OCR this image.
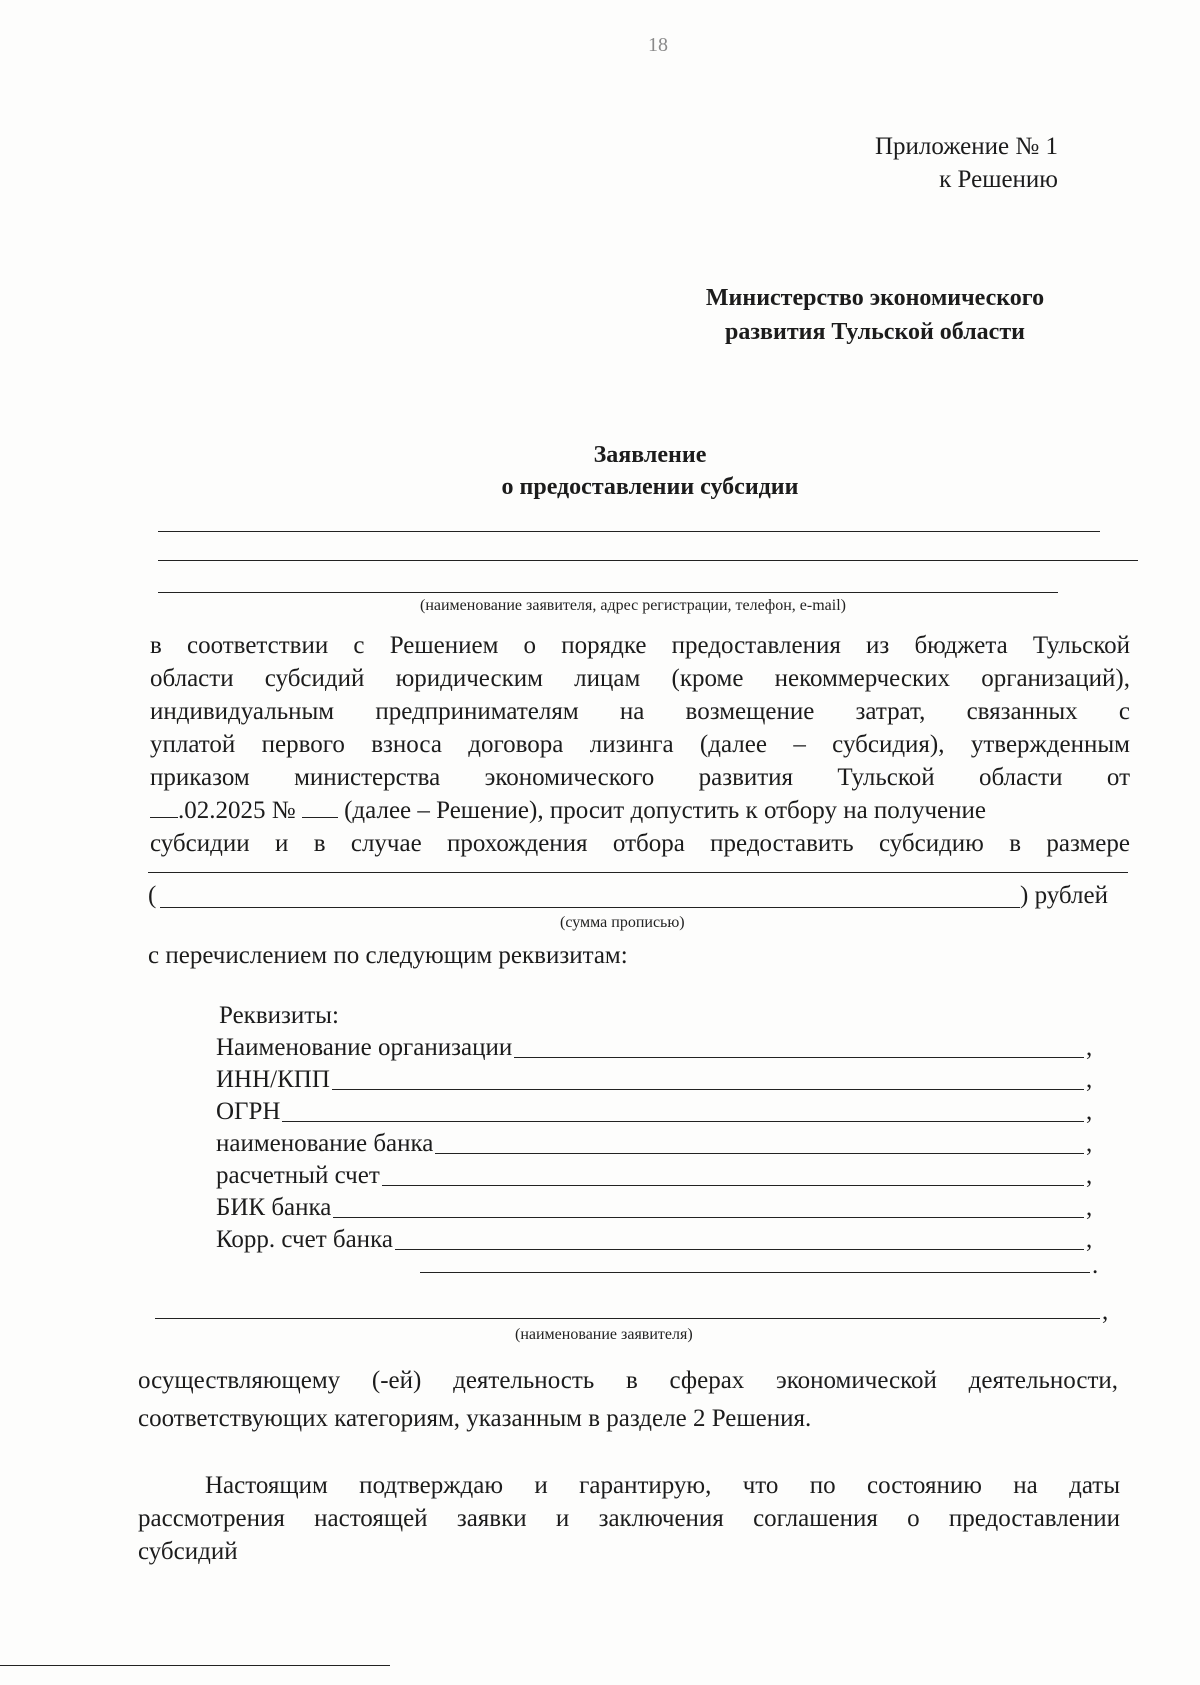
18
Приложение № 1
к Решению
Министерство экономического
развития Тульской области
Заявление
о предоставлении субсидии
(наименование заявителя, адрес регистрации, телефон, e-mail)
в соответствии с Решением о порядке предоставления из бюджета Тульской
области субсидий юридическим лицам (кроме некоммерческих организаций),
индивидуальным предпринимателям на возмещение затрат, связанных с
уплатой первого взноса договора лизинга (далее – субсидия), утвержденным
приказом министерства экономического развития Тульской области от
.02.2025 № (далее – Решение), просит допустить к отбору на получение
субсидии и в случае прохождения отбора предоставить субсидию в размере
(	) рублей
(сумма прописью)
с перечислением по следующим реквизитам:
Реквизиты:
Наименование организации	,
ИНН/КПП	,
ОГРН	,
наименование банка	,
расчетный счет	,
БИК банка	,
Корр. счет банка	,
.
,
(наименование заявителя)
осуществляющему (-ей) деятельность в сферах экономической деятельности,
соответствующих категориям, указанным в разделе 2 Решения.
Настоящим подтверждаю и гарантирую, что по состоянию на даты
рассмотрения настоящей заявки и заключения соглашения о предоставлении
субсидий
